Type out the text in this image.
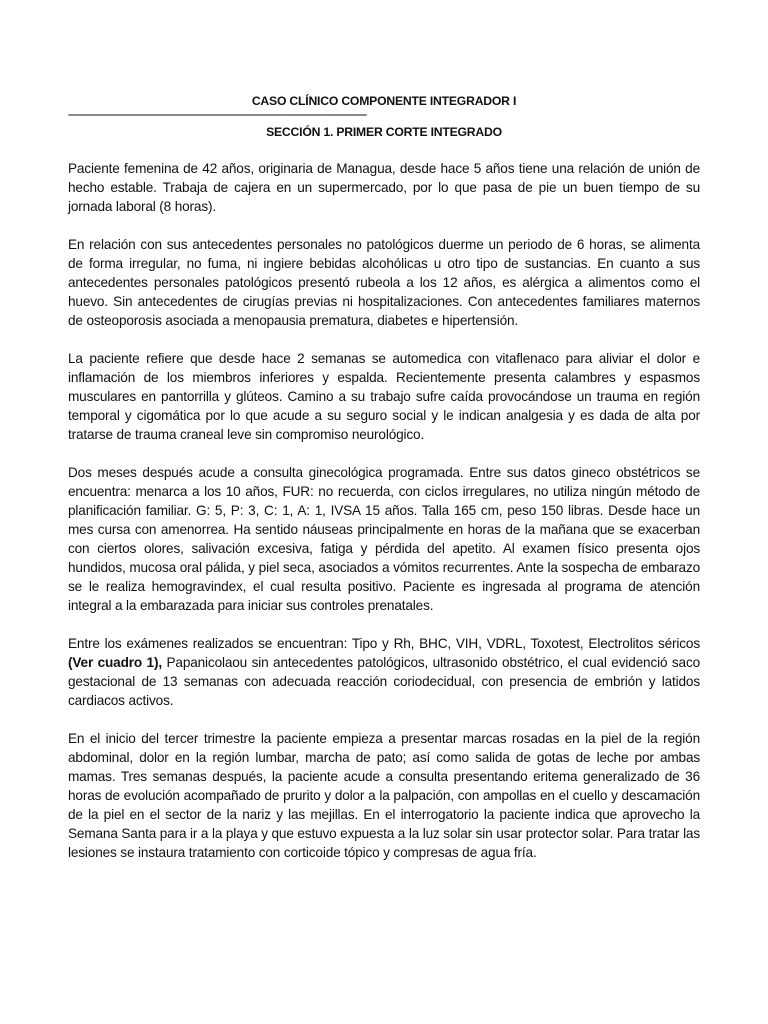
CASO CLÍNICO COMPONENTE INTEGRADOR I
-------------------------------------------------------------------------------------------------------------------------------------------------------------------------
SECCIÓN 1. PRIMER CORTE INTEGRADO

Paciente femenina de 42 años, originaria de Managua, desde hace 5 años tiene una relación de unión de hecho estable. Trabaja de cajera en un supermercado, por lo que pasa de pie un buen tiempo de su jornada laboral (8 horas).

En relación con sus antecedentes personales no patológicos duerme un periodo de 6 horas, se alimenta de forma irregular, no fuma, ni ingiere bebidas alcohólicas u otro tipo de sustancias. En cuanto a sus antecedentes personales patológicos presentó rubeola a los 12 años, es alérgica a alimentos como el huevo. Sin antecedentes de cirugías previas ni hospitalizaciones. Con antecedentes familiares maternos de osteoporosis asociada a menopausia prematura, diabetes e hipertensión.

La paciente refiere que desde hace 2 semanas se automedica con vitaflenaco para aliviar el dolor e inflamación de los miembros inferiores y espalda. Recientemente presenta calambres y espasmos musculares en pantorrilla y glúteos. Camino a su trabajo sufre caída provocándose un trauma en región temporal y cigomática por lo que acude a su seguro social y le indican analgesia y es dada de alta por tratarse de trauma craneal leve sin compromiso neurológico.

Dos meses después acude a consulta ginecológica programada. Entre sus datos gineco obstétricos se encuentra: menarca a los 10 años, FUR: no recuerda, con ciclos irregulares, no utiliza ningún método de planificación familiar. G: 5, P: 3, C: 1, A: 1, IVSA 15 años. Talla 165 cm, peso 150 libras. Desde hace un mes cursa con amenorrea. Ha sentido náuseas principalmente en horas de la mañana que se exacerban con ciertos olores, salivación excesiva, fatiga y pérdida del apetito. Al examen físico presenta ojos hundidos, mucosa oral pálida, y piel seca, asociados a vómitos recurrentes. Ante la sospecha de embarazo se le realiza hemogravindex, el cual resulta positivo. Paciente es ingresada al programa de atención integral a la embarazada para iniciar sus controles prenatales.

Entre los exámenes realizados se encuentran: Tipo y Rh, BHC, VIH, VDRL, Toxotest, Electrolitos séricos (Ver cuadro 1), Papanicolaou sin antecedentes patológicos, ultrasonido obstétrico, el cual evidenció saco gestacional de 13 semanas con adecuada reacción coriodecidual, con presencia de embrión y latidos cardiacos activos.

En el inicio del tercer trimestre la paciente empieza a presentar marcas rosadas en la piel de la región abdominal, dolor en la región lumbar, marcha de pato; así como salida de gotas de leche por ambas mamas. Tres semanas después, la paciente acude a consulta presentando eritema generalizado de 36 horas de evolución acompañado de prurito y dolor a la palpación, con ampollas en el cuello y descamación de la piel en el sector de la nariz y las mejillas. En el interrogatorio la paciente indica que aprovecho la Semana Santa para ir a la playa y que estuvo expuesta a la luz solar sin usar protector solar. Para tratar las lesiones se instaura tratamiento con corticoide tópico y compresas de agua fría.
